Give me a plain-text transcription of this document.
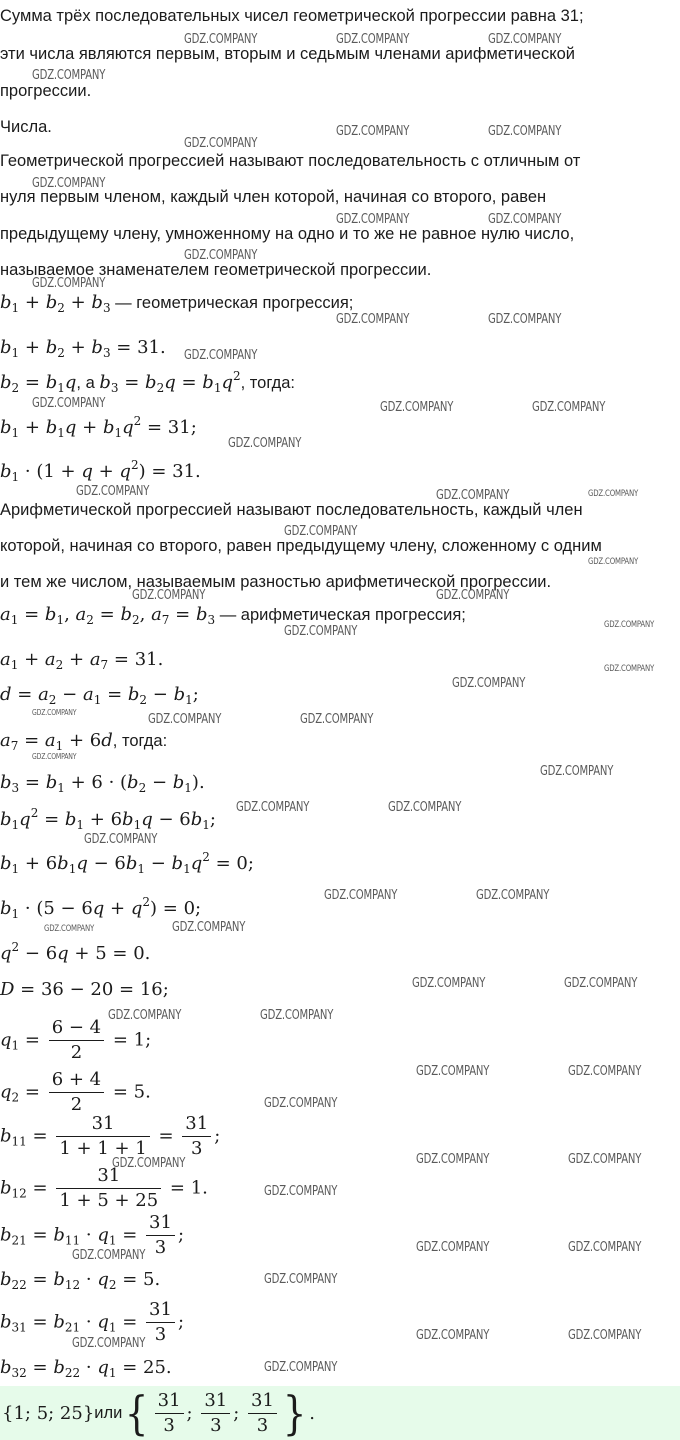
Сумма трёх последовательных чисел геометрической прогрессии равна 31;
эти числа являются первым, вторым и седьмым членами арифметической
прогрессии.
Числа.
Геометрической прогрессией называют последовательность с отличным от
нуля первым членом, каждый член которой, начиная со второго, равен
предыдущему члену, умноженному на одно и то же не равное нулю число,
называемое знаменателем геометрической прогрессии.
$b_1 + b_2 + b_3$ — геометрическая прогрессия;
$b_1 + b_2 + b_3 = 31$.
$b_2 = b_1q$, а $b_3 = b_2q = b_1q^2$, тогда:
$b_1 + b_1q + b_1q^2 = 31$;
$b_1 \cdot (1 + q + q^2) = 31$.
Арифметической прогрессией называют последовательность, каждый член
которой, начиная со второго, равен предыдущему члену, сложенному с одним
и тем же числом, называемым разностью арифметической прогрессии.
$a_1 = b_1$, $a_2 = b_2$, $a_7 = b_3$ — арифметическая прогрессия;
$a_1 + a_2 + a_7 = 31$.
$d = a_2 - a_1 = b_2 - b_1$;
$a_7 = a_1 + 6d$, тогда:
$b_3 = b_1 + 6 \cdot (b_2 - b_1)$.
$b_1q^2 = b_1 + 6b_1q - 6b_1$;
$b_1 + 6b_1q - 6b_1 - b_1q^2 = 0$;
$b_1 \cdot (5 - 6q + q^2) = 0$;
$q^2 - 6q + 5 = 0$.
D = 36 − 20 = 16;
$q_1 = \frac{6 - 4}{2} = 1$;
$q_2 = \frac{6 + 4}{2} = 5$.
$b_{11} = \frac{31}{1 + 1 + 1} = \frac{31}{3}$ ;
$b_{12} = \frac{31}{1 + 5 + 25} = 1$.
$b_{21} = b_{11} \cdot q_1 = \frac{31}{3}$ ;
$b_{22} = b_{12} \cdot q_2 = 5$.
$b_{31} = b_{21} \cdot q_1 = \frac{31}{3}$ ;
$b_{32} = b_{22} \cdot q_1 = 25$.
{1; 5; 25} или { $\frac{31}{3}$ ; $\frac{31}{3}$ ; $\frac{31}{3}$ } .
GDZ.COMPANY	GDZ.COMPANY	GDZ.COMPANY
GDZ.COMPANY
GDZ.COMPANY	GDZ.COMPANY
GDZ.COMPANY
GDZ.COMPANY
GDZ.COMPANY	GDZ.COMPANY
GDZ.COMPANY
GDZ.COMPANY
GDZ.COMPANY	GDZ.COMPANY
GDZ.COMPANY
GDZ.COMPANY	GDZ.COMPANY	GDZ.COMPANY
GDZ.COMPANY
GDZ.COMPANY	GDZ.COMPANY	GDZ.COMPANY
GDZ.COMPANY
GDZ.COMPANY
GDZ.COMPANY	GDZ.COMPANY
GDZ.COMPANY
GDZ.COMPANY
GDZ.COMPANY
GDZ.COMPANY
GDZ.COMPANY	GDZ.COMPANY	GDZ.COMPANY
GDZ.COMPANY
GDZ.COMPANY
GDZ.COMPANY	GDZ.COMPANY
GDZ.COMPANY
GDZ.COMPANY	GDZ.COMPANY
GDZ.COMPANY	GDZ.COMPANY
GDZ.COMPANY	GDZ.COMPANY
GDZ.COMPANY	GDZ.COMPANY
GDZ.COMPANY	GDZ.COMPANY
GDZ.COMPANY
GDZ.COMPANY	GDZ.COMPANY
GDZ.COMPANY
GDZ.COMPANY
GDZ.COMPANY	GDZ.COMPANY
GDZ.COMPANY
GDZ.COMPANY
GDZ.COMPANY	GDZ.COMPANY
GDZ.COMPANY
GDZ.COMPANY
